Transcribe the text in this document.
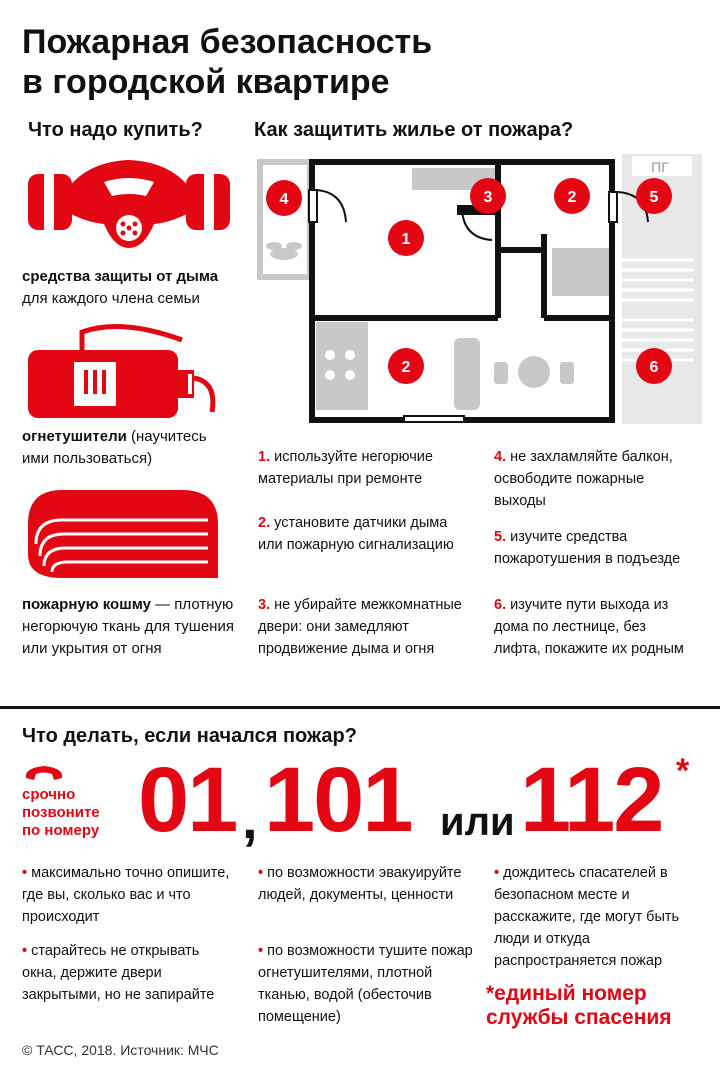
Пожарная безопасность
в городской квартире
Что надо купить?
средства защиты от дыма
для каждого члена семьи
огнетушители (научитесь ими пользоваться)
пожарную кошму — плотную негорючую ткань для тушения или укрытия от огня
Как защитить жилье от пожара?
ПГ
4
1
3	2	5
2	6
1. используйте негорючие материалы при ремонте
2. установите датчики дыма или пожарную сигнализацию
3. не убирайте межкомнатные двери: они замедляют продвижение дыма и огня
4. не захламляйте балкон, освободите пожарные выходы
5. изучите средства пожаротушения в подъезде
6. изучите пути выхода из дома по лестнице, без лифта, покажите их родным
Что делать, если начался пожар?
срочно
позвоните
по номеру 01 , 101 или 112 *
• максимально точно опишите, где вы, сколько вас и что происходит
• старайтесь не открывать окна, держите двери закрытыми, но не запирайте
• по возможности эвакуируйте людей, документы, ценности
• по возможности тушите пожар огнетушителями, плотной тканью, водой (обесточив помещение)
• дождитесь спасателей в безопасном месте и расскажите, где могут быть люди и откуда распространяется пожар
*единый номер
службы спасения
© ТАСС, 2018. Источник: МЧС
